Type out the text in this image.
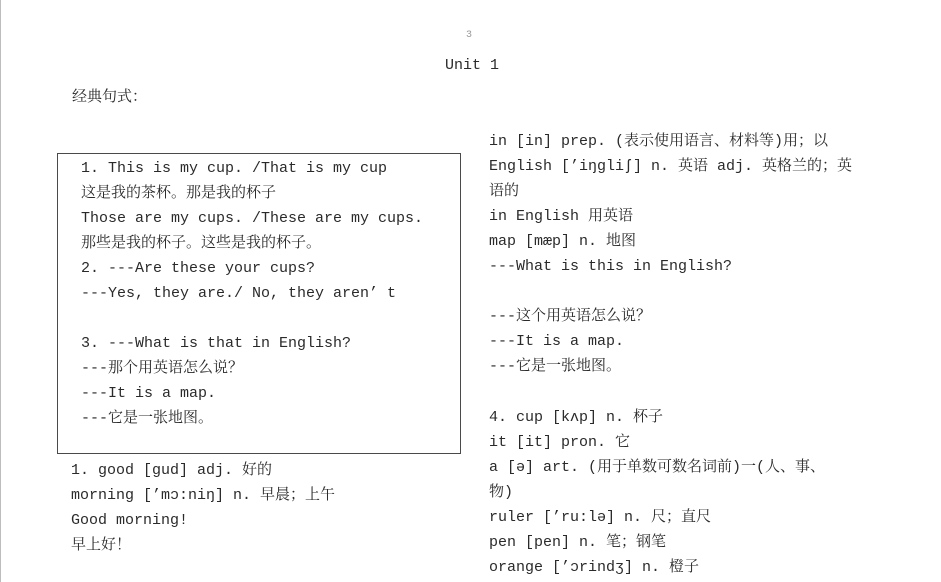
3
Unit 1
经典句式：
1. This is my cup. /That is my cup
这是我的茶杯。那是我的杯子
Those are my cups. /These are my cups.
那些是我的杯子。这些是我的杯子。
2. ---Are these your cups?
---Yes, they are./ No, they aren’ t
3. ---What is that in English?
---那个用英语怎么说？
---It is a map.
---它是一张地图。
1. good [gud] adj. 好的
morning [’mɔ:niŋ] n. 早晨；上午
Good morning!
早上好！
in [in] prep. (表示使用语言、材料等)用；以
English [’iŋgliʃ] n. 英语 adj. 英格兰的；英
语的
in English 用英语
map [mæp] n. 地图
---What is this in English?
---这个用英语怎么说？
---It is a map.
---它是一张地图。
4. cup [kʌp] n. 杯子
it [it] pron. 它
a [ə] art. (用于单数可数名词前)一(人、事、
物)
ruler [’ru:lə] n. 尺；直尺
pen [pen] n. 笔；钢笔
orange [’ɔrindʒ] n. 橙子
